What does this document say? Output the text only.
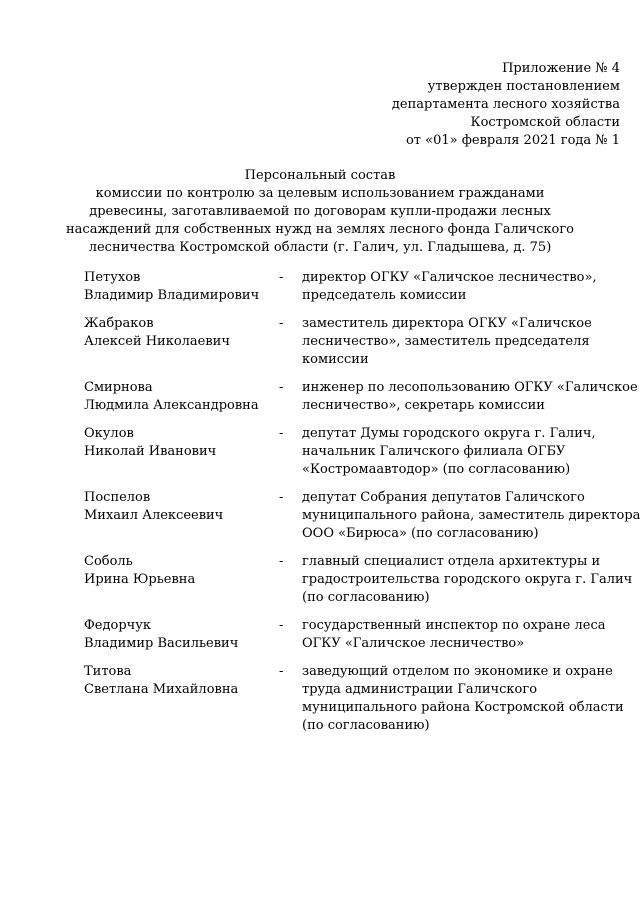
Приложение № 4
утвержден постановлением
департамента лесного хозяйства
Костромской области
от «01» февраля 2021 года № 1
Персональный состав
комиссии по контролю за целевым использованием гражданами
древесины, заготавливаемой по договорам купли-продажи лесных
насаждений для собственных нужд на землях лесного фонда Галичского
лесничества Костромской области (г. Галич, ул. Гладышева, д. 75)
Петухов
Владимир Владимирович
-	директор ОГКУ «Галичское лесничество»,
председатель комиссии
Жабраков
Алексей Николаевич
-	заместитель директора ОГКУ «Галичское
лесничество», заместитель председателя
комиссии
Смирнова
Людмила Александровна
-	инженер по лесопользованию ОГКУ «Галичское
лесничество», секретарь комиссии
Окулов
Николай Иванович
-	депутат Думы городского округа г. Галич,
начальник Галичского филиала ОГБУ
«Костромаавтодор» (по согласованию)
Поспелов
Михаил Алексеевич
-	депутат Собрания депутатов Галичского
муниципального района, заместитель директора
ООО «Бирюса» (по согласованию)
Соболь
Ирина Юрьевна
-	главный специалист отдела архитектуры и
градостроительства городского округа г. Галич
(по согласованию)
Федорчук
Владимир Васильевич
-	государственный инспектор по охране леса
ОГКУ «Галичское лесничество»
Титова
Светлана Михайловна
-	заведующий отделом по экономике и охране
труда администрации Галичского
муниципального района Костромской области
(по согласованию)
